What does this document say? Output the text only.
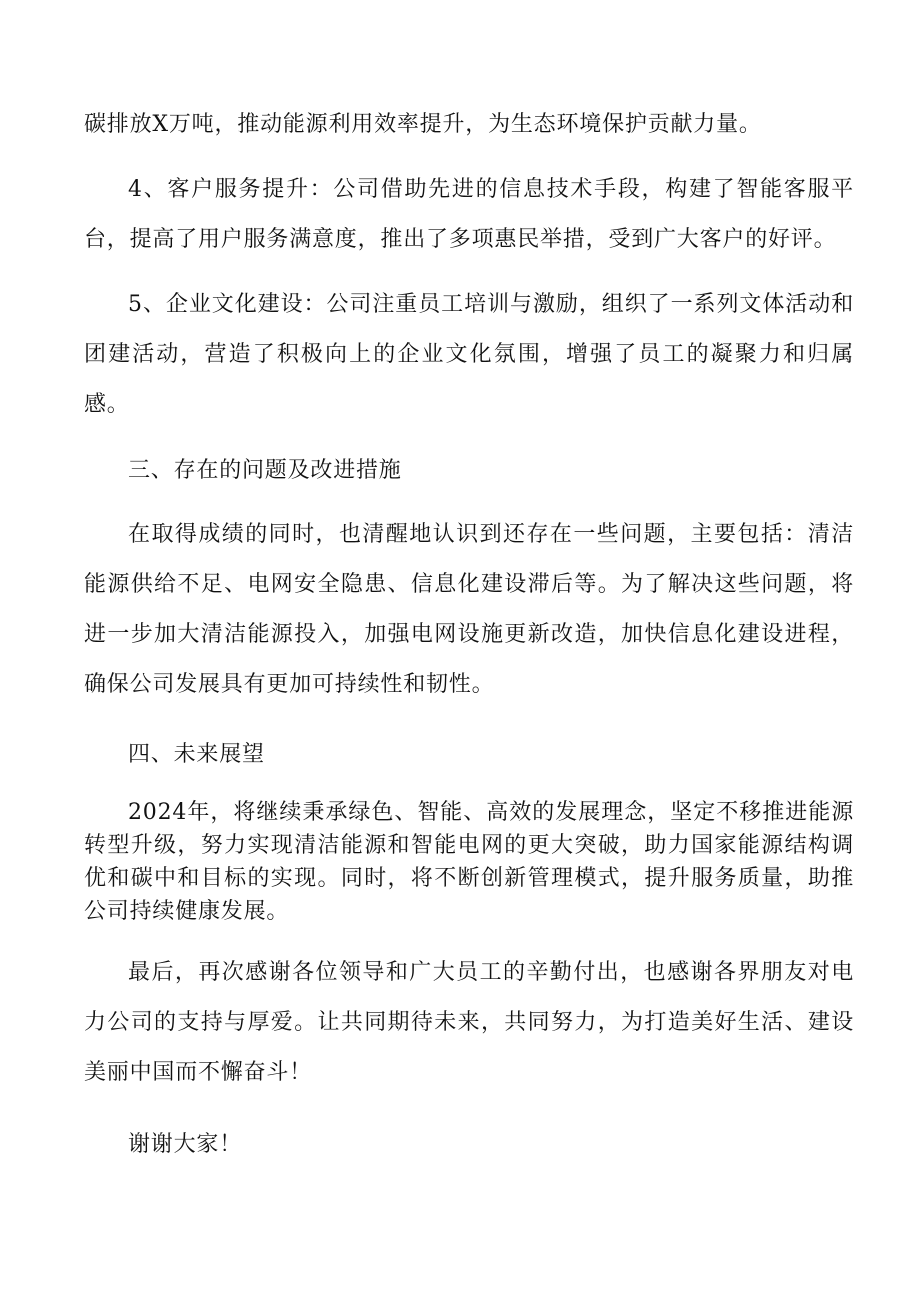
碳排放X万吨，推动能源利用效率提升，为生态环境保护贡献力量。

4、客户服务提升：公司借助先进的信息技术手段，构建了智能客服平台，提高了用户服务满意度，推出了多项惠民举措，受到广大客户的好评。

5、企业文化建设：公司注重员工培训与激励，组织了一系列文体活动和团建活动，营造了积极向上的企业文化氛围，增强了员工的凝聚力和归属感。

三、存在的问题及改进措施

在取得成绩的同时，也清醒地认识到还存在一些问题，主要包括：清洁能源供给不足、电网安全隐患、信息化建设滞后等。为了解决这些问题，将进一步加大清洁能源投入，加强电网设施更新改造，加快信息化建设进程，确保公司发展具有更加可持续性和韧性。

四、未来展望

2024年，将继续秉承绿色、智能、高效的发展理念，坚定不移推进能源转型升级，努力实现清洁能源和智能电网的更大突破，助力国家能源结构调优和碳中和目标的实现。同时，将不断创新管理模式，提升服务质量，助推公司持续健康发展。

最后，再次感谢各位领导和广大员工的辛勤付出，也感谢各界朋友对电力公司的支持与厚爱。让共同期待未来，共同努力，为打造美好生活、建设美丽中国而不懈奋斗！

谢谢大家！
